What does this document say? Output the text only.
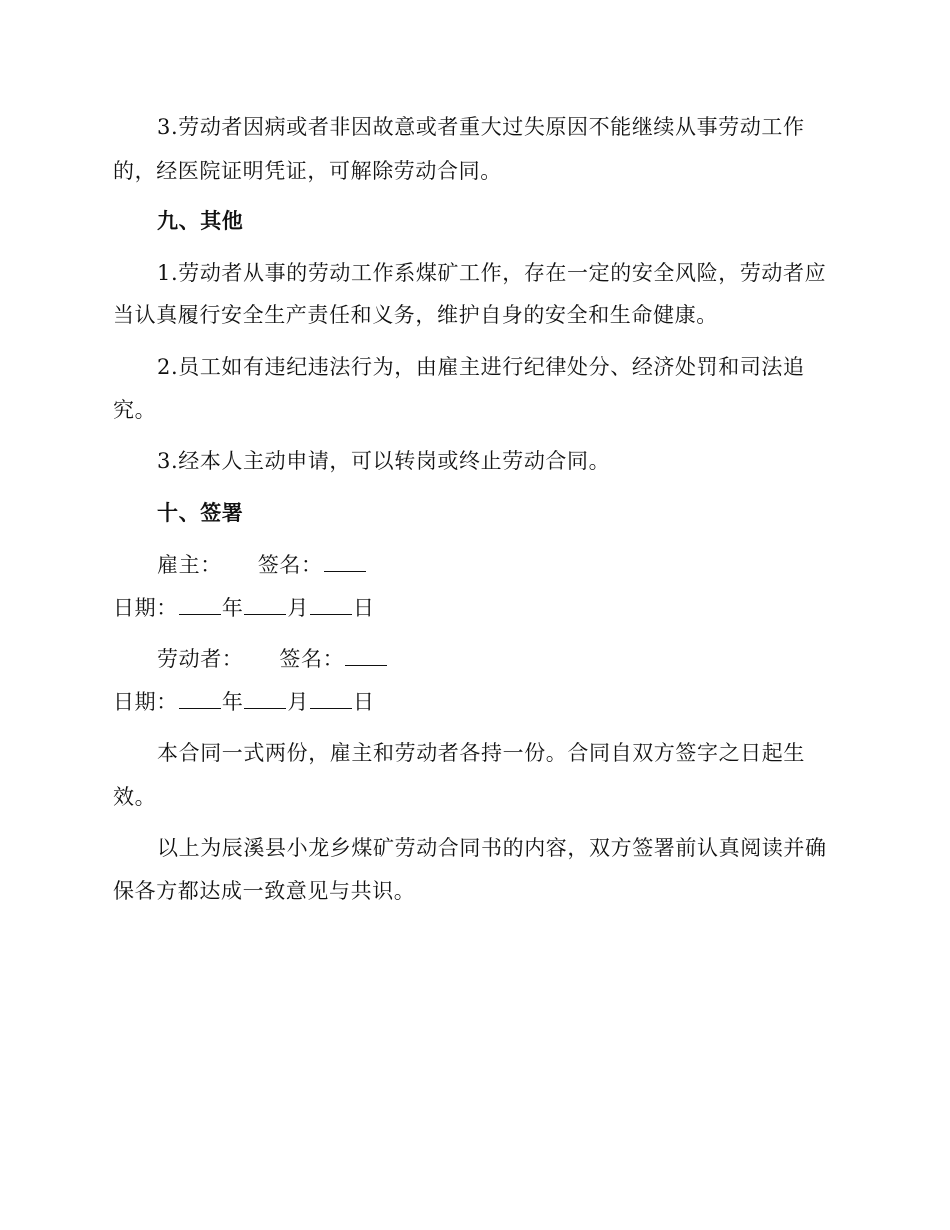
3.劳动者因病或者非因故意或者重大过失原因不能继续从事劳动工作
的，经医院证明凭证，可解除劳动合同。
九、其他
1.劳动者从事的劳动工作系煤矿工作，存在一定的安全风险，劳动者应
当认真履行安全生产责任和义务，维护自身的安全和生命健康。
2.员工如有违纪违法行为，由雇主进行纪律处分、经济处罚和司法追
究。
3.经本人主动申请，可以转岗或终止劳动合同。
十、签署
雇主： 签名：
日期： 年 月 日
劳动者： 签名：
日期： 年 月 日
本合同一式两份，雇主和劳动者各持一份。合同自双方签字之日起生
效。
以上为辰溪县小龙乡煤矿劳动合同书的内容，双方签署前认真阅读并确
保各方都达成一致意见与共识。
